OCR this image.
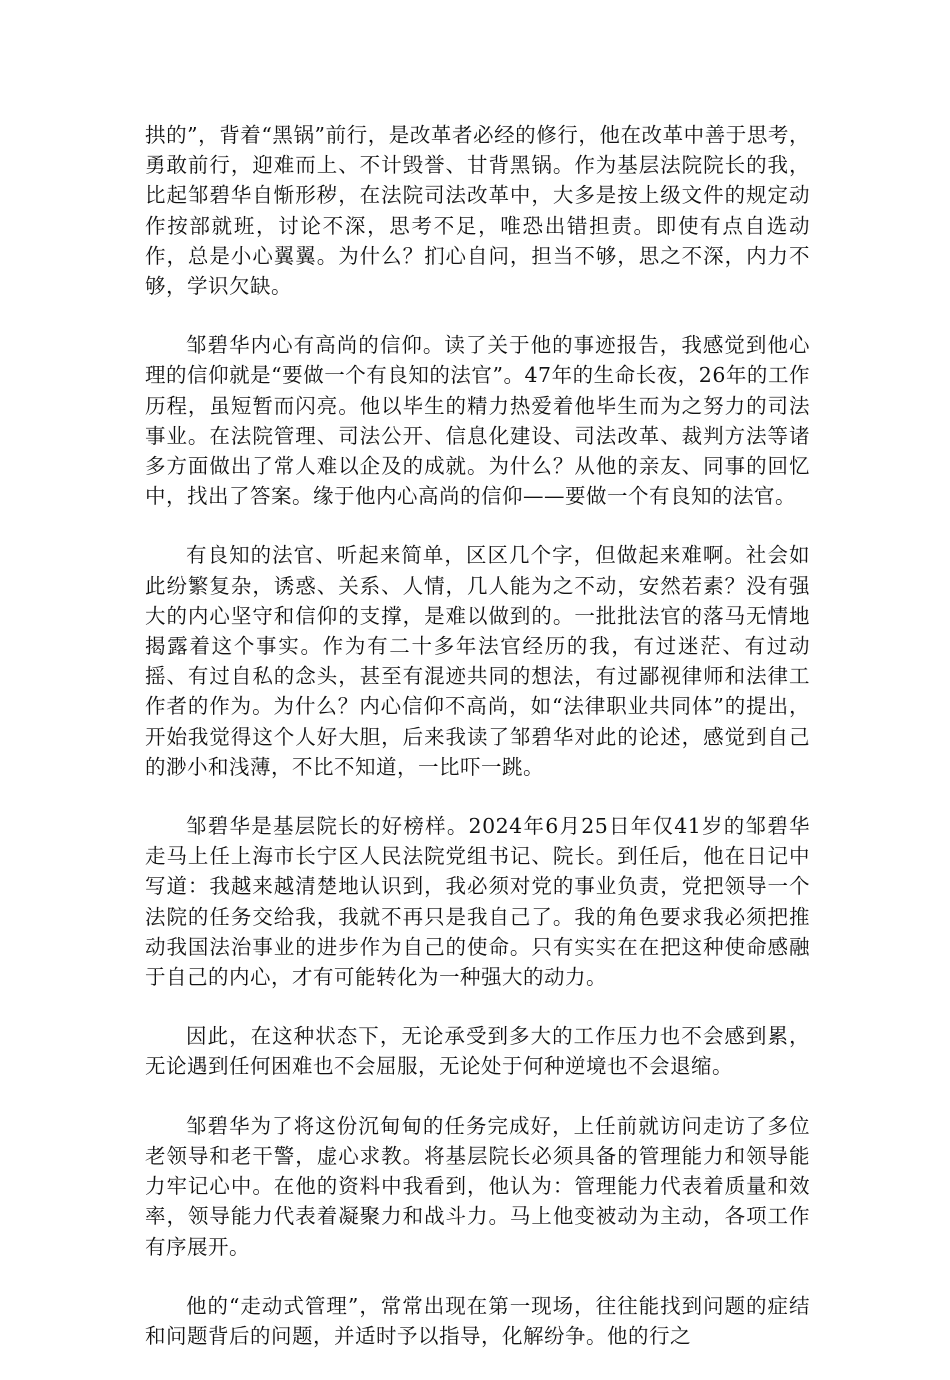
拱的”，背着“黑锅”前行，是改革者必经的修行，他在改革中善于思考，勇敢前行，迎难而上、不计毁誉、甘背黑锅。作为基层法院院长的我，比起邹碧华自惭形秽，在法院司法改革中，大多是按上级文件的规定动作按部就班，讨论不深，思考不足，唯恐出错担责。即使有点自选动作，总是小心翼翼。为什么？扪心自问，担当不够，思之不深，内力不够，学识欠缺。

邹碧华内心有高尚的信仰。读了关于他的事迹报告，我感觉到他心理的信仰就是“要做一个有良知的法官”。47年的生命长夜，26年的工作历程，虽短暂而闪亮。他以毕生的精力热爱着他毕生而为之努力的司法事业。在法院管理、司法公开、信息化建设、司法改革、裁判方法等诸多方面做出了常人难以企及的成就。为什么？从他的亲友、同事的回忆中，找出了答案。缘于他内心高尚的信仰——要做一个有良知的法官。

有良知的法官、听起来简单，区区几个字，但做起来难啊。社会如此纷繁复杂，诱惑、关系、人情，几人能为之不动，安然若素？没有强大的内心坚守和信仰的支撑，是难以做到的。一批批法官的落马无情地揭露着这个事实。作为有二十多年法官经历的我，有过迷茫、有过动摇、有过自私的念头，甚至有混迹共同的想法，有过鄙视律师和法律工作者的作为。为什么？内心信仰不高尚，如“法律职业共同体”的提出，开始我觉得这个人好大胆，后来我读了邹碧华对此的论述，感觉到自己的渺小和浅薄，不比不知道，一比吓一跳。

邹碧华是基层院长的好榜样。2024年6月25日年仅41岁的邹碧华走马上任上海市长宁区人民法院党组书记、院长。到任后，他在日记中写道：我越来越清楚地认识到，我必须对党的事业负责，党把领导一个法院的任务交给我，我就不再只是我自己了。我的角色要求我必须把推动我国法治事业的进步作为自己的使命。只有实实在在把这种使命感融于自己的内心，才有可能转化为一种强大的动力。

因此，在这种状态下，无论承受到多大的工作压力也不会感到累，无论遇到任何困难也不会屈服，无论处于何种逆境也不会退缩。

邹碧华为了将这份沉甸甸的任务完成好，上任前就访问走访了多位老领导和老干警，虚心求教。将基层院长必须具备的管理能力和领导能力牢记心中。在他的资料中我看到，他认为：管理能力代表着质量和效率，领导能力代表着凝聚力和战斗力。马上他变被动为主动，各项工作有序展开。

他的“走动式管理”，常常出现在第一现场，往往能找到问题的症结和问题背后的问题，并适时予以指导，化解纷争。他的行之
